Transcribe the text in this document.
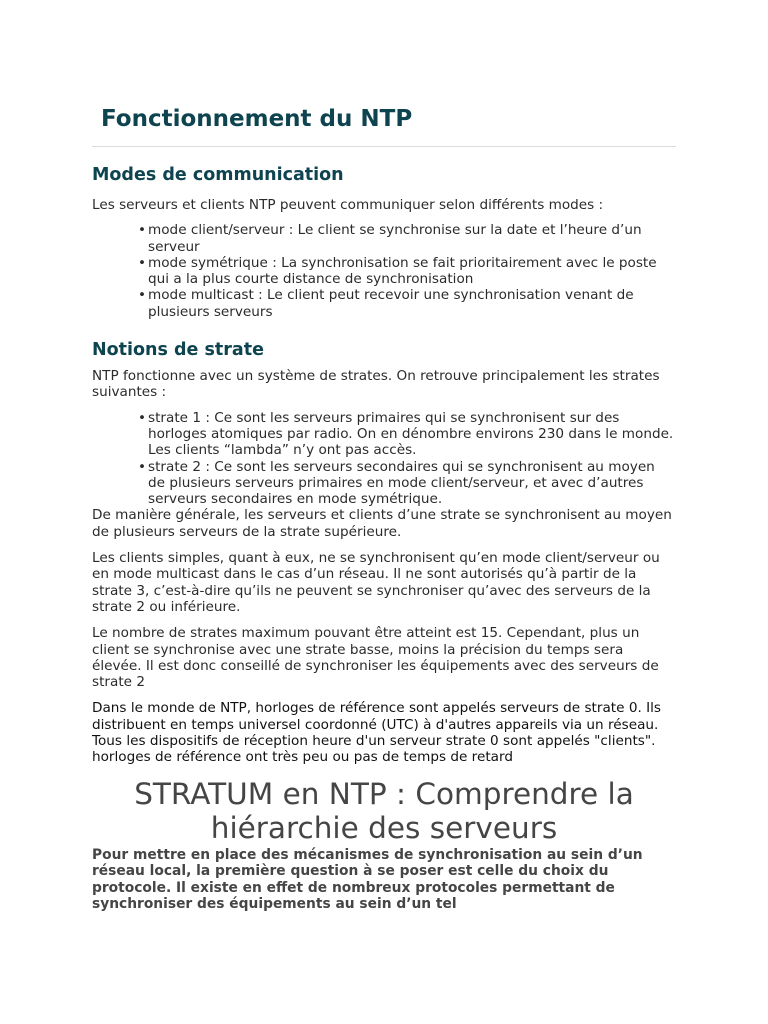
Fonctionnement du NTP
Modes de communication

Les serveurs et clients NTP peuvent communiquer selon différents modes :

• mode client/serveur : Le client se synchronise sur la date et l’heure d’un serveur
• mode symétrique : La synchronisation se fait prioritairement avec le poste qui a la plus courte distance de synchronisation
• mode multicast : Le client peut recevoir une synchronisation venant de plusieurs serveurs
Notions de strate

NTP fonctionne avec un système de strates. On retrouve principalement les strates suivantes :

• strate 1 : Ce sont les serveurs primaires qui se synchronisent sur des horloges atomiques par radio. On en dénombre environs 230 dans le monde. Les clients “lambda” n’y ont pas accès.
• strate 2 : Ce sont les serveurs secondaires qui se synchronisent au moyen de plusieurs serveurs primaires en mode client/serveur, et avec d’autres serveurs secondaires en mode symétrique.

De manière générale, les serveurs et clients d’une strate se synchronisent au moyen de plusieurs serveurs de la strate supérieure.

Les clients simples, quant à eux, ne se synchronisent qu’en mode client/serveur ou en mode multicast dans le cas d’un réseau. Il ne sont autorisés qu’à partir de la strate 3, c’est-à-dire qu’ils ne peuvent se synchroniser qu’avec des serveurs de la strate 2 ou inférieure.

Le nombre de strates maximum pouvant être atteint est 15. Cependant, plus un client se synchronise avec une strate basse, moins la précision du temps sera élevée. Il est donc conseillé de synchroniser les équipements avec des serveurs de strate 2

Dans le monde de NTP, horloges de référence sont appelés serveurs de strate 0. Ils distribuent en temps universel coordonné (UTC) à d'autres appareils via un réseau. Tous les dispositifs de réception heure d'un serveur strate 0 sont appelés "clients". horloges de référence ont très peu ou pas de temps de retard

STRATUM en NTP : Comprendre la hiérarchie des serveurs

Pour mettre en place des mécanismes de synchronisation au sein d’un réseau local, la première question à se poser est celle du choix du protocole. Il existe en effet de nombreux protocoles permettant de synchroniser des équipements au sein d’un tel
